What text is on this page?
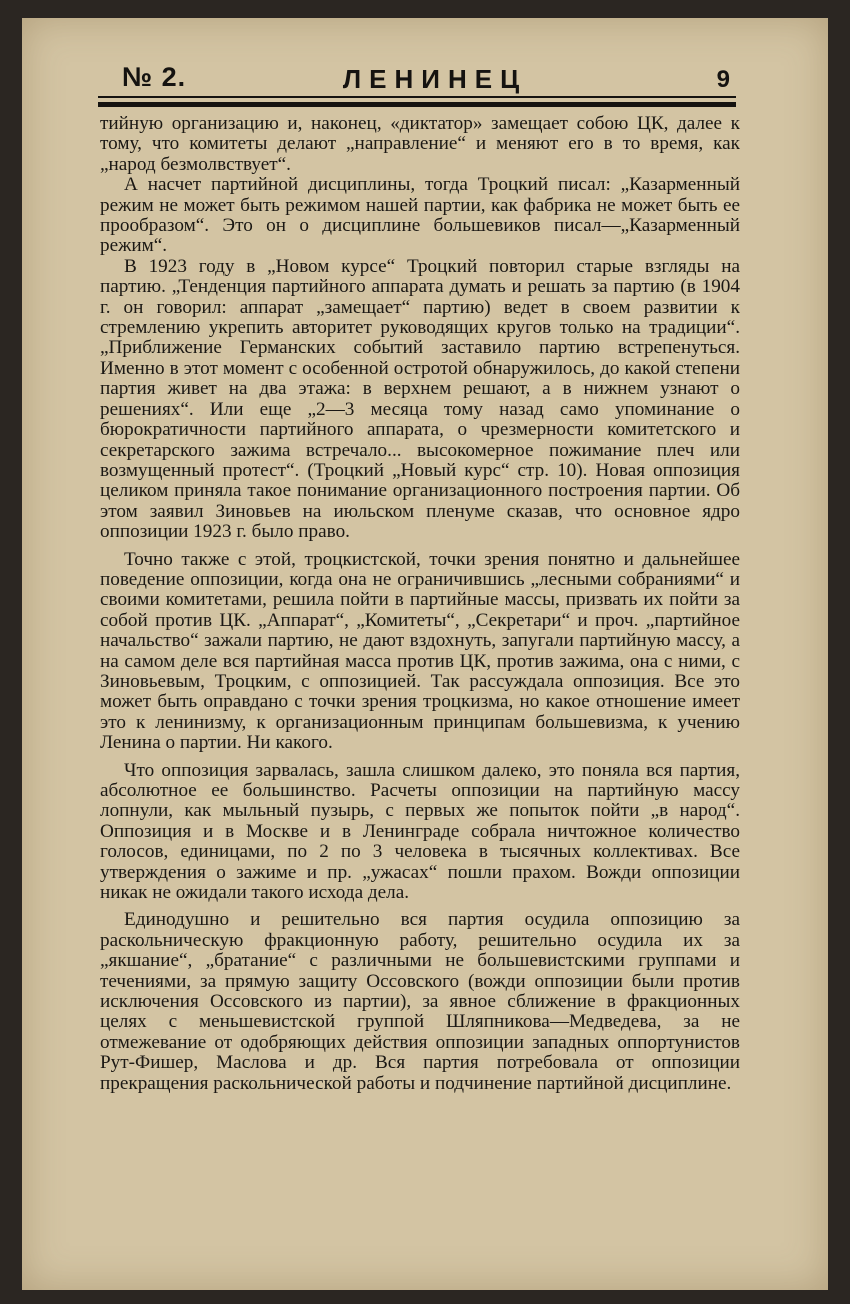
№ 2.	ЛЕНИНЕЦ	9

тийную организацию и, наконец, «диктатор» замещает собою ЦК, далее к тому, что комитеты делают „направление“ и меняют его в то время, как „народ безмолвствует“.

А насчет партийной дисциплины, тогда Троцкий писал: „Казарменный режим не может быть режимом нашей партии, как фабрика не может быть ее прообразом“. Это он о дисциплине большевиков писал—„Казарменный режим“.

В 1923 году в „Новом курсе“ Троцкий повторил старые взгляды на партию. „Тенденция партийного аппарата думать и решать за партию (в 1904 г. он говорил: аппарат „замещает“ партию) ведет в своем развитии к стремлению укрепить авторитет руководящих кругов только на традиции“. „Приближение Германских событий заставило партию встрепенуться. Именно в этот момент с особенной остротой обнаружилось, до какой степени партия живет на два этажа: в верхнем решают, а в нижнем узнают о решениях“. Или еще „2—3 месяца тому назад само упоминание о бюрократичности партийного аппарата, о чрезмерности комитетского и секретарского зажима встречало... высокомерное пожимание плеч или возмущенный протест“. (Троцкий „Новый курс“ стр. 10). Новая оппозиция целиком приняла такое понимание организационного построения партии. Об этом заявил Зиновьев на июльском пленуме сказав, что основное ядро оппозиции 1923 г. было право.

Точно также с этой, троцкистской, точки зрения понятно и дальнейшее поведение оппозиции, когда она не ограничившись „лесными собраниями“ и своими комитетами, решила пойти в партийные массы, призвать их пойти за собой против ЦК. „Аппарат“, „Комитеты“, „Секретари“ и проч. „партийное начальство“ зажали партию, не дают вздохнуть, запугали партийную массу, а на самом деле вся партийная масса против ЦК, против зажима, она с ними, с Зиновьевым, Троцким, с оппозицией. Так рассуждала оппозиция. Все это может быть оправдано с точки зрения троцкизма, но какое отношение имеет это к ленинизму, к организационным принципам большевизма, к учению Ленина о партии. Ни какого.

Что оппозиция зарвалась, зашла слишком далеко, это поняла вся партия, абсолютное ее большинство. Расчеты оппозиции на партийную массу лопнули, как мыльный пузырь, с первых же попыток пойти „в народ“. Оппозиция и в Москве и в Ленинграде собрала ничтожное количество голосов, единицами, по 2 по 3 человека в тысячных коллективах. Все утверждения о зажиме и пр. „ужасах“ пошли прахом. Вожди оппозиции никак не ожидали такого исхода дела.

Единодушно и решительно вся партия осудила оппозицию за раскольническую фракционную работу, решительно осудила их за „якшание“, „братание“ с различными не большевистскими группами и течениями, за прямую защиту Оссовского (вожди оппозиции были против исключения Оссовского из партии), за явное сближение в фракционных целях с меньшевистской группой Шляпникова—Медведева, за не отмежевание от одобряющих действия оппозиции западных оппортунистов Рут-Фишер, Маслова и др. Вся партия потребовала от оппозиции прекращения раскольнической работы и подчинение партийной дисциплине.
